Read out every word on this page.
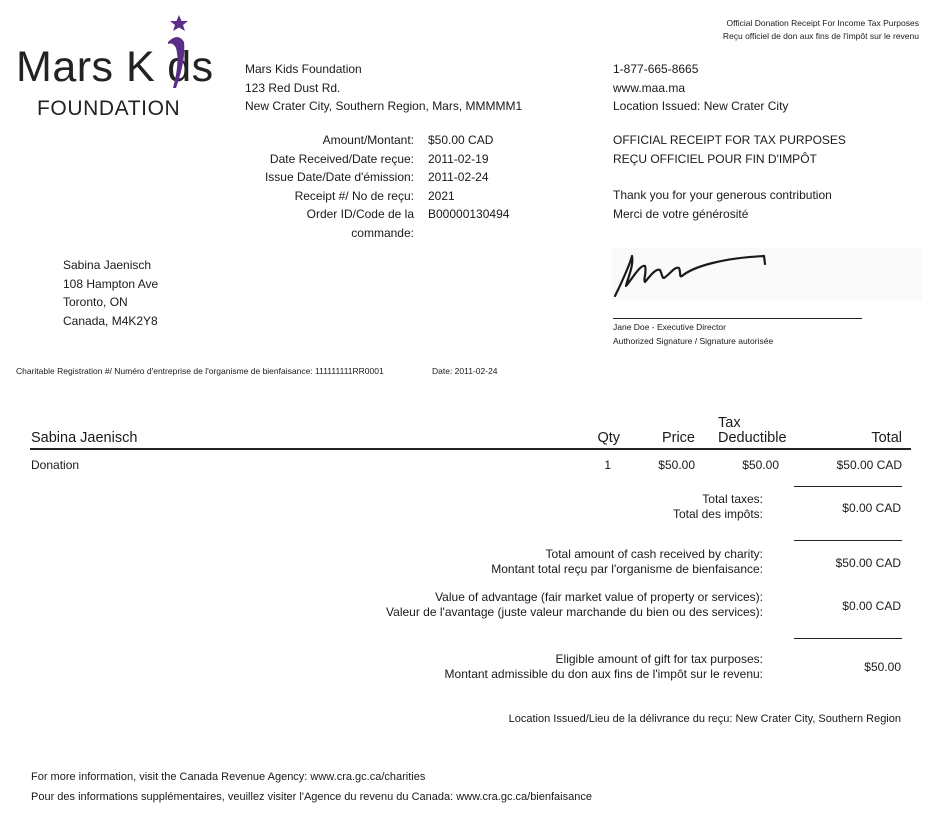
Mars K ds
FOUNDATION
Official Donation Receipt For Income Tax Purposes
Reçu officiel de don aux fins de l'impôt sur le revenu
Mars Kids Foundation
123 Red Dust Rd.
New Crater City, Southern Region, Mars, MMMMM1
1-877-665-8665
www.maa.ma
Location Issued: New Crater City
Amount/Montant: $50.00 CAD
Date Received/Date reçue: 2011-02-19
Issue Date/Date d'émission: 2011-02-24
Receipt #/ No de reçu: 2021
Order ID/Code de la B00000130494
commande:
OFFICIAL RECEIPT FOR TAX PURPOSES
REÇU OFFICIEL POUR FIN D'IMPÔT
Thank you for your generous contribution
Merci de votre générosité
Sabina Jaenisch
108 Hampton Ave
Toronto, ON
Canada, M4K2Y8	Jane Doe - Executive Director
Authorized Signature / Signature autorisée
Charitable Registration #/ Numéro d'entreprise de l'organisme de bienfaisance: 111111111RR0001	Date: 2011-02-24
Sabina Jaenisch	Qty	Price
Tax
Deductible	Total
Donation	1	$50.00	$50.00	$50.00 CAD
Total taxes:
Total des impôts:	$0.00 CAD
Total amount of cash received by charity:
Montant total reçu par l'organisme de bienfaisance:	$50.00 CAD
Value of advantage (fair market value of property or services):
Valeur de l'avantage (juste valeur marchande du bien ou des services):	$0.00 CAD
Eligible amount of gift for tax purposes:
Montant admissible du don aux fins de l'impôt sur le revenu:	$50.00
Location Issued/Lieu de la délivrance du reçu: New Crater City, Southern Region
For more information, visit the Canada Revenue Agency: www.cra.gc.ca/charities
Pour des informations supplémentaires, veuillez visiter l'Agence du revenu du Canada: www.cra.gc.ca/bienfaisance
